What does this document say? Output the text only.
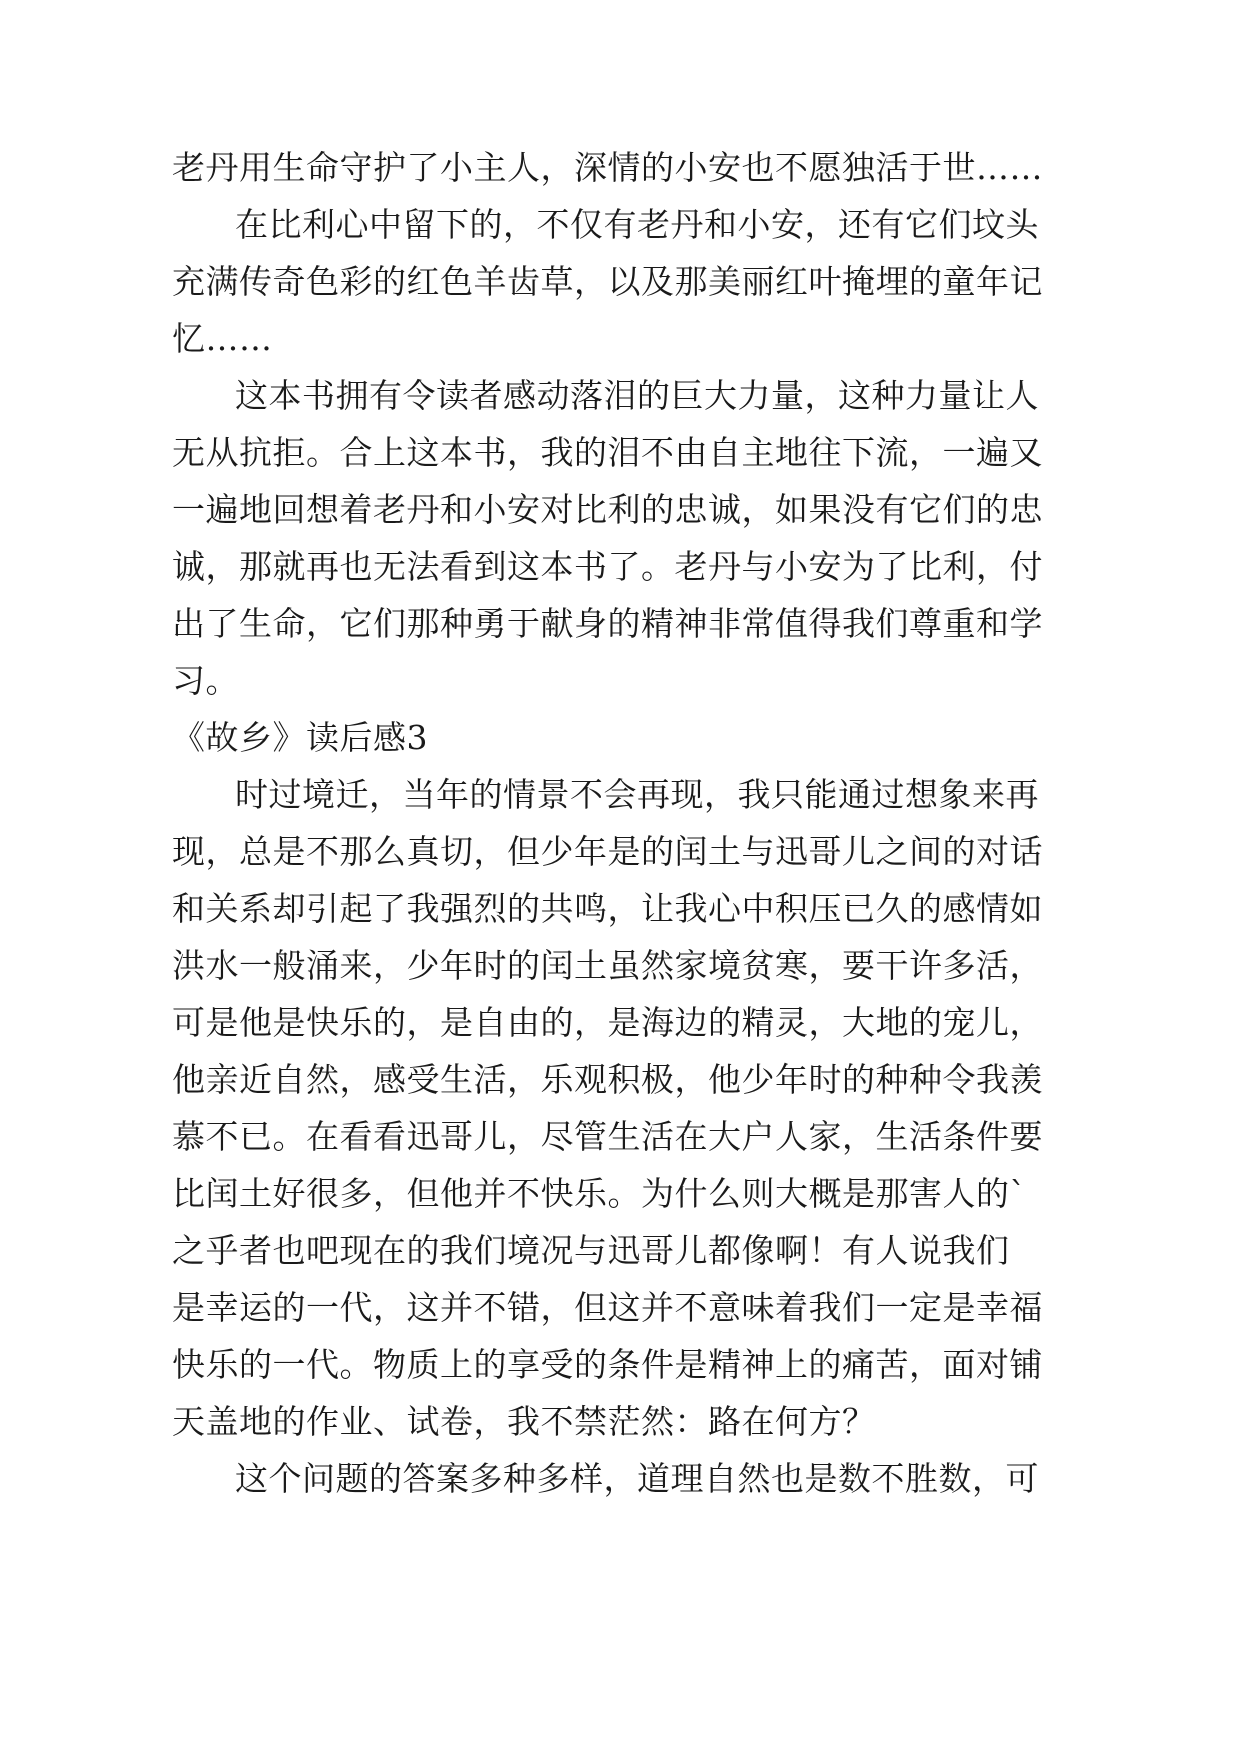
老丹用生命守护了小主人，深情的小安也不愿独活于世……
在比利心中留下的，不仅有老丹和小安，还有它们坟头
充满传奇色彩的红色羊齿草，以及那美丽红叶掩埋的童年记
忆……
这本书拥有令读者感动落泪的巨大力量，这种力量让人
无从抗拒。合上这本书，我的泪不由自主地往下流，一遍又
一遍地回想着老丹和小安对比利的忠诚，如果没有它们的忠
诚，那就再也无法看到这本书了。老丹与小安为了比利，付
出了生命，它们那种勇于献身的精神非常值得我们尊重和学
习。
《故乡》读后感3
时过境迁，当年的情景不会再现，我只能通过想象来再
现，总是不那么真切，但少年是的闰土与迅哥儿之间的对话
和关系却引起了我强烈的共鸣，让我心中积压已久的感情如
洪水一般涌来，少年时的闰土虽然家境贫寒，要干许多活，
可是他是快乐的，是自由的，是海边的精灵，大地的宠儿，
他亲近自然，感受生活，乐观积极，他少年时的种种令我羡
慕不已。在看看迅哥儿，尽管生活在大户人家，生活条件要
比闰土好很多，但他并不快乐。为什么则大概是那害人的`
之乎者也吧现在的我们境况与迅哥儿都像啊！有人说我们
是幸运的一代，这并不错，但这并不意味着我们一定是幸福
快乐的一代。物质上的享受的条件是精神上的痛苦，面对铺
天盖地的作业、试卷，我不禁茫然：路在何方？
这个问题的答案多种多样，道理自然也是数不胜数，可
